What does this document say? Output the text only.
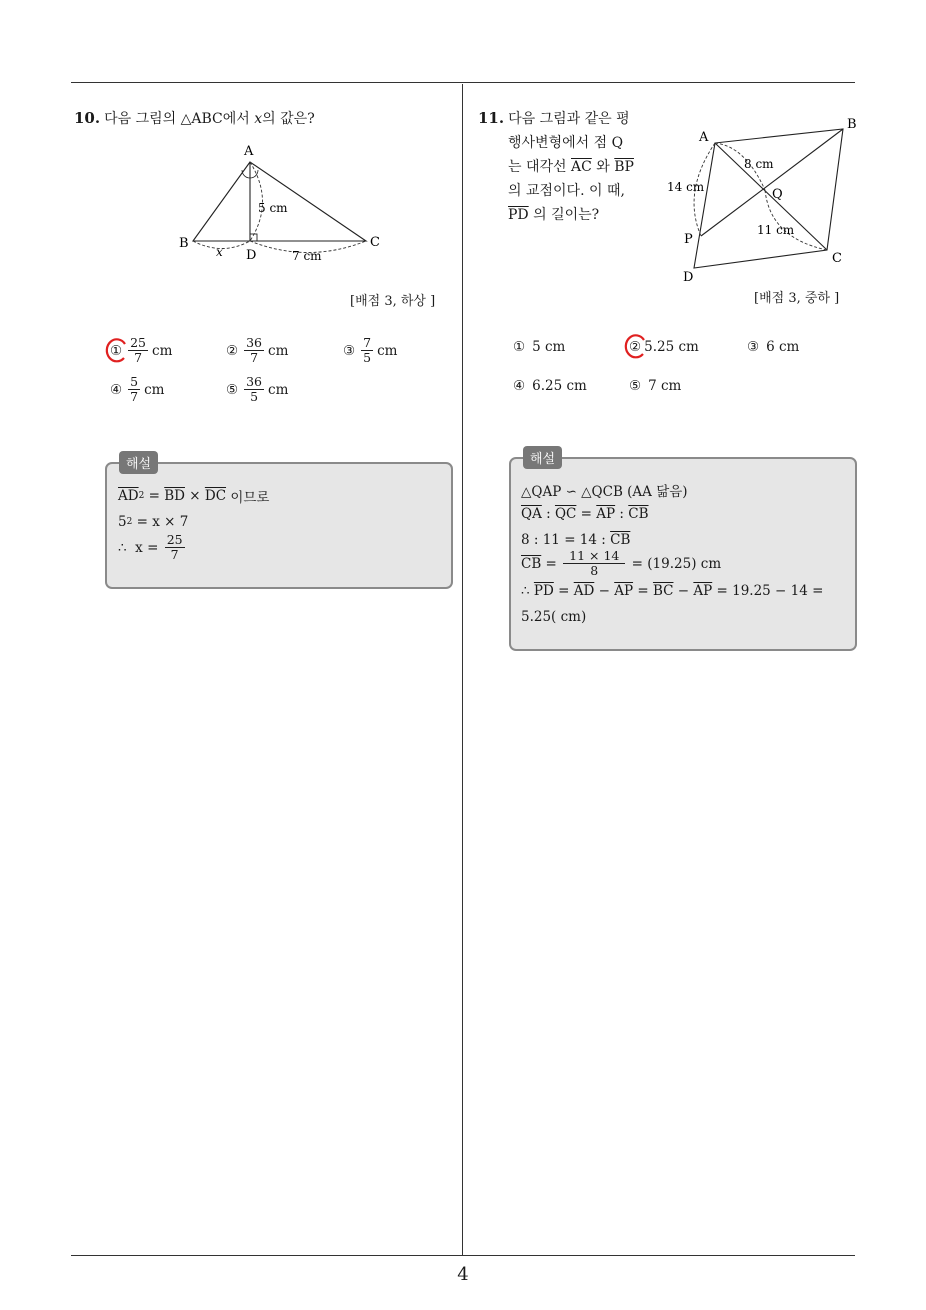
4
10. 다음 그림의 △ABC에서 x의 값은?
A
B	C
D
5 cm
x	7 cm
[배점 3, 하상 ]
① $\frac{25}{7}$ cm	② $\frac{36}{7}$ cm	③ $\frac{7}{5}$ cm
④ $\frac{5}{7}$ cm	⑤ $\frac{36}{5}$ cm
해설
$\overline{AD}$ $2 = \overline{BD} \times \overline{DC}$ 이므로
5 2 = x × 7
∴  $x = \frac{25}{7}$
11. 다음 그림과 같은 평
행사변형에서 점 Q
는 대각선 $\overline{AC}$ 와 $\overline{BP}$
의 교점이다. 이 때,
$\overline{PD}$ 의 길이는?
A
B
C
D
P
Q
8 cm
14 cm
11 cm
[배점 3, 중하 ]
① 5 cm	② 5.25 cm	③ 6 cm
④ 6.25 cm	⑤ 7 cm
해설
△QAP ∽ △QCB (AA 닮음)
$\overline{QA}$ : $\overline{QC} = \overline{AP}$ : $\overline{CB}$
8 : 11 = 14 : $\overline{CB}$
$\overline{CB} = \frac{11 \times 14}{8} = (19.25)$ cm
∴ $\overline{PD} = \overline{AD} - \overline{AP} = \overline{BC} - \overline{AP} = 19.25 - 14$ =
5.25( cm)
